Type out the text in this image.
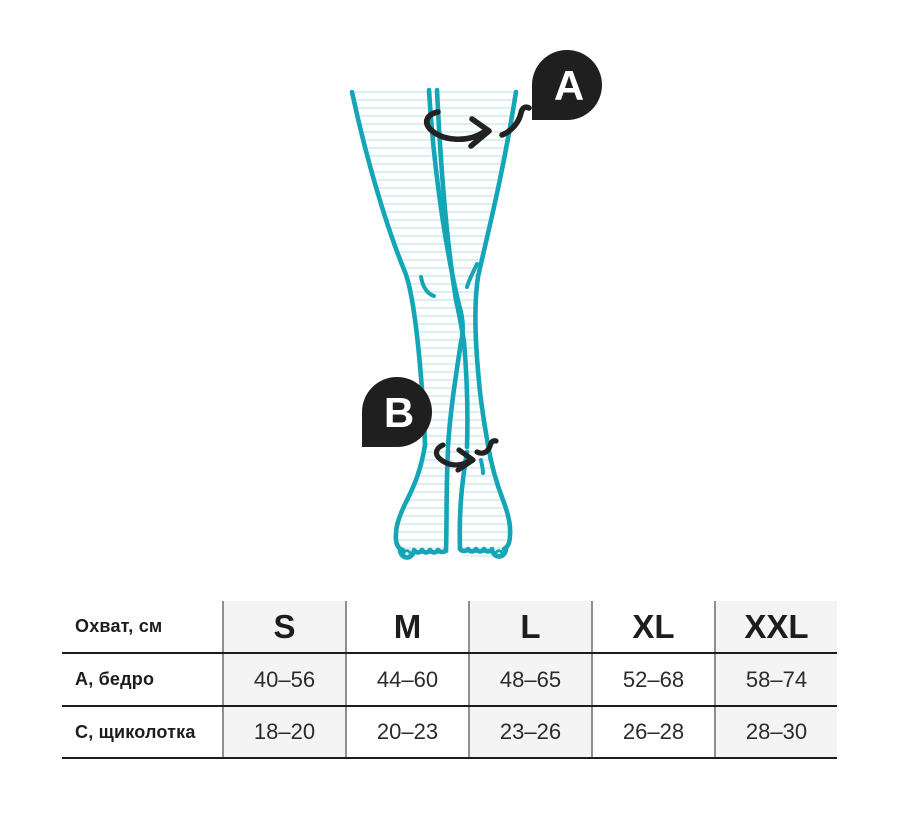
A
B
Охват, см	S	M	L	XL	XXL
А, бедро	40–56	44–60	48–65	52–68	58–74
С, щиколотка	18–20	20–23	23–26	26–28	28–30
